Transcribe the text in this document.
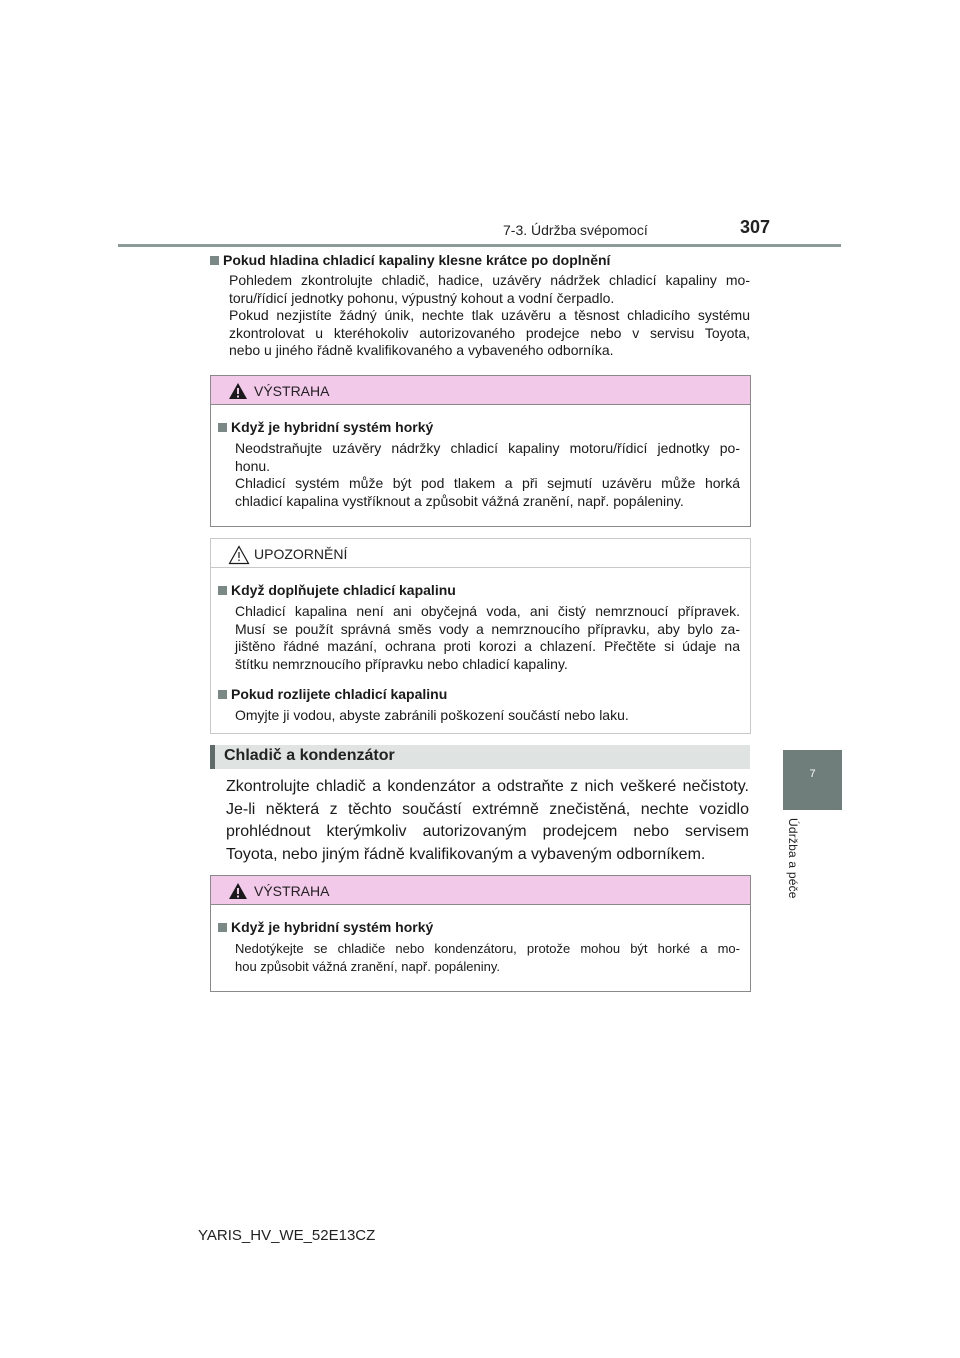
7-3. Údržba svépomocí	307
7
Údržba a péče

Pokud hladina chladicí kapaliny klesne krátce po doplnění

Pohledem zkontrolujte chladič, hadice, uzávěry nádržek chladicí kapaliny mo-
toru/řídicí jednotky pohonu, výpustný kohout a vodní čerpadlo.
Pokud nezjistíte žádný únik, nechte tlak uzávěru a těsnost chladicího systému
zkontrolovat u kteréhokoliv autorizovaného prodejce nebo v servisu Toyota,
nebo u jiného řádně kvalifikovaného a vybaveného odborníka.
VÝSTRAHA

Když je hybridní systém horký

Neodstraňujte uzávěry nádržky chladicí kapaliny motoru/řídicí jednotky po-
honu.
Chladicí systém může být pod tlakem a při sejmutí uzávěru může horká
chladicí kapalina vystříknout a způsobit vážná zranění, např. popáleniny.
UPOZORNĚNÍ

Když doplňujete chladicí kapalinu

Chladicí kapalina není ani obyčejná voda, ani čistý nemrznoucí přípravek.
Musí se použít správná směs vody a nemrznoucího přípravku, aby bylo za-
jištěno řádné mazání, ochrana proti korozi a chlazení. Přečtěte si údaje na
štítku nemrznoucího přípravku nebo chladicí kapaliny.

Pokud rozlijete chladicí kapalinu

Omyjte ji vodou, abyste zabránili poškození součástí nebo laku.
Chladič a kondenzátor
Zkontrolujte chladič a kondenzátor a odstraňte z nich veškeré nečistoty.
Je-li některá z těchto součástí extrémně znečistěná, nechte vozidlo
prohlédnout kterýmkoliv autorizovaným prodejcem nebo servisem
Toyota, nebo jiným řádně kvalifikovaným a vybaveným odborníkem.
VÝSTRAHA

Když je hybridní systém horký

Nedotýkejte se chladiče nebo kondenzátoru, protože mohou být horké a mo-
hou způsobit vážná zranění, např. popáleniny.
YARIS_HV_WE_52E13CZ
